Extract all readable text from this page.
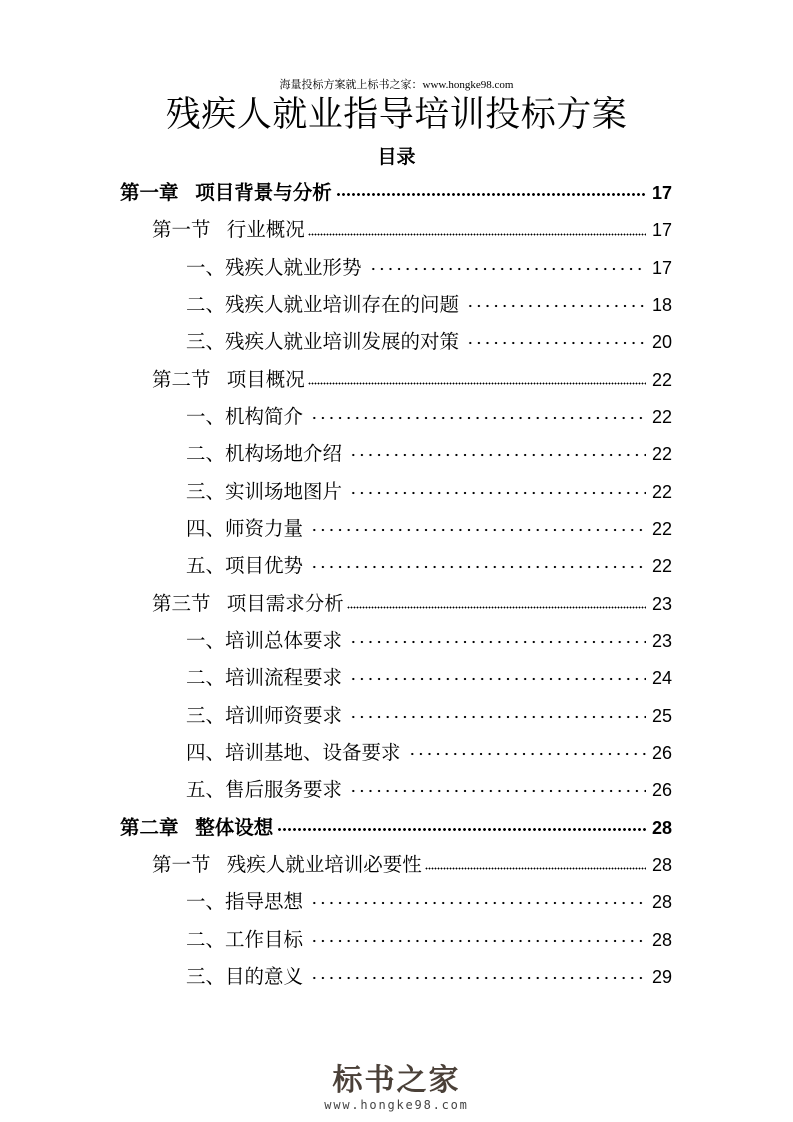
海量投标方案就上标书之家：www.hongke98.com
残疾人就业指导培训投标方案
目录
第一章 项目背景与分析	17
第一节 行业概况	17
一、残疾人就业形势	17
二、残疾人就业培训存在的问题	18
三、残疾人就业培训发展的对策	20
第二节 项目概况	22
一、机构简介	22
二、机构场地介绍	22
三、实训场地图片	22
四、师资力量	22
五、项目优势	22
第三节 项目需求分析	23
一、培训总体要求	23
二、培训流程要求	24
三、培训师资要求	25
四、培训基地、设备要求	26
五、售后服务要求	26
第二章 整体设想	28
第一节 残疾人就业培训必要性	28
一、指导思想	28
二、工作目标	28
三、目的意义	29
标书之家
www.hongke98.com
